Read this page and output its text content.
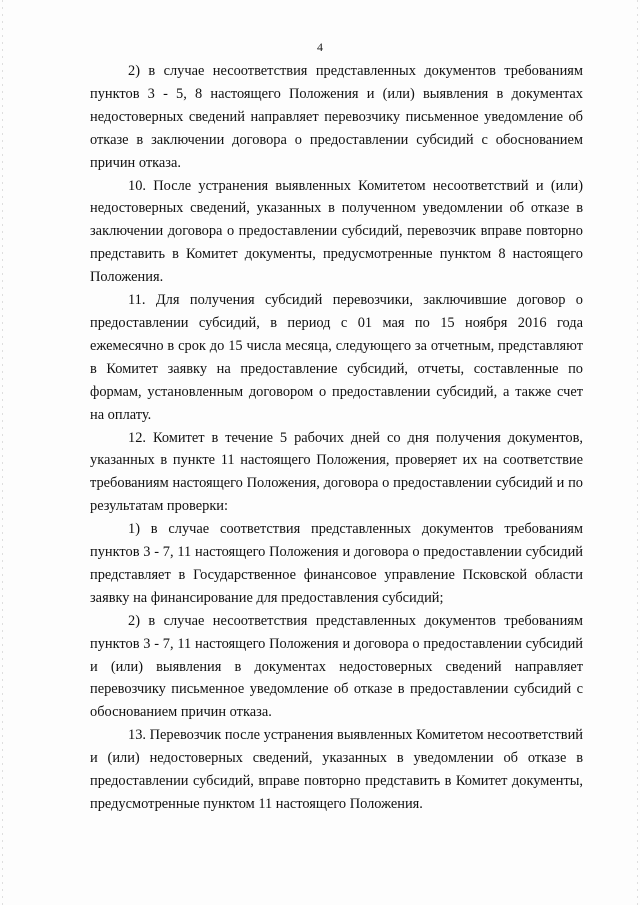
4

2) в случае несоответствия представленных документов требованиям пунктов 3 - 5, 8 настоящего Положения и (или) выявления в документах недостоверных сведений направляет перевозчику письменное уведомление об отказе в заключении договора о предоставлении субсидий с обоснованием причин отказа.

10. После устранения выявленных Комитетом несоответствий и (или) недостоверных сведений, указанных в полученном уведомлении об отказе в заключении договора о предоставлении субсидий, перевозчик вправе повторно представить в Комитет документы, предусмотренные пунктом 8 настоящего Положения.

11. Для получения субсидий перевозчики, заключившие договор о предоставлении субсидий, в период с 01 мая по 15 ноября 2016 года ежемесячно в срок до 15 числа месяца, следующего за отчетным, представляют в Комитет заявку на предоставление субсидий, отчеты, составленные по формам, установленным договором о предоставлении субсидий, а также счет на оплату.

12. Комитет в течение 5 рабочих дней со дня получения документов, указанных в пункте 11 настоящего Положения, проверяет их на соответствие требованиям настоящего Положения, договора о предоставлении субсидий и по результатам проверки:

1) в случае соответствия представленных документов требованиям пунктов 3 - 7, 11 настоящего Положения и договора о предоставлении субсидий представляет в Государственное финансовое управление Псковской области заявку на финансирование для предоставления субсидий;

2) в случае несоответствия представленных документов требованиям пунктов 3 - 7, 11 настоящего Положения и договора о предоставлении субсидий и (или) выявления в документах недостоверных сведений направляет перевозчику письменное уведомление об отказе в предоставлении субсидий с обоснованием причин отказа.

13. Перевозчик после устранения выявленных Комитетом несоответствий и (или) недостоверных сведений, указанных в уведомлении об отказе в предоставлении субсидий, вправе повторно представить в Комитет документы, предусмотренные пунктом 11 настоящего Положения.
